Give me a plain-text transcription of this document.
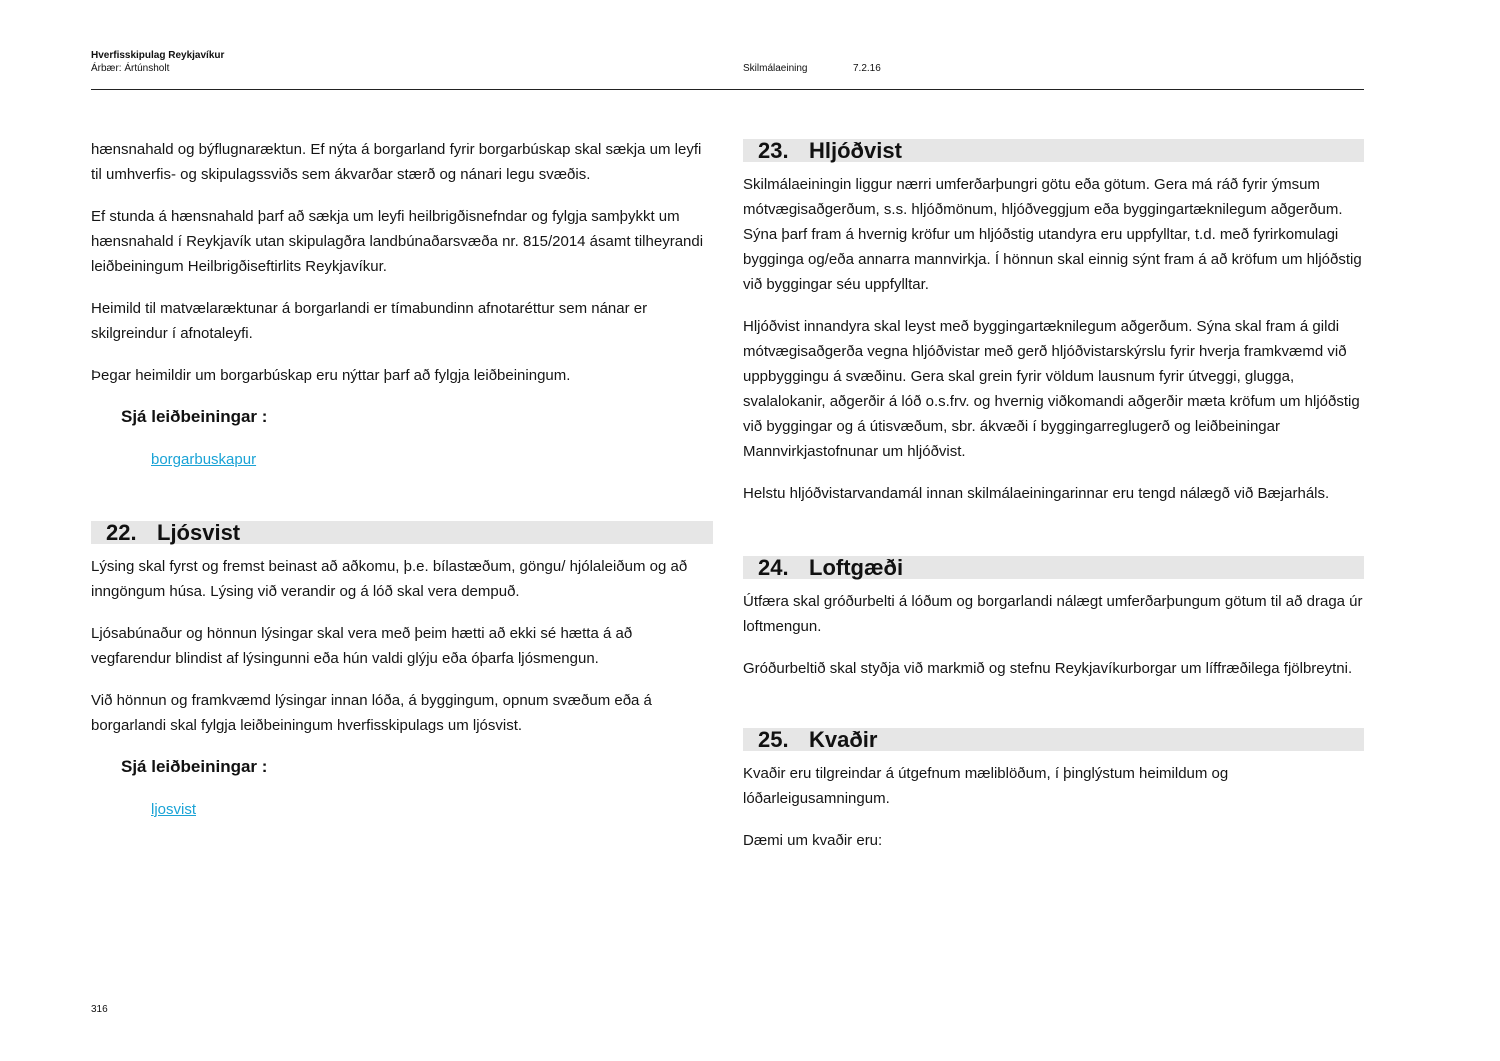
Hverfisskipulag Reykjavíkur
Árbær: Ártúnsholt	Skilmálaeining	7.2.16

hænsnahald og býflugnaræktun. Ef nýta á borgarland fyrir borgarbúskap skal sækja um leyfi til umhverfis- og skipulagssviðs sem ákvarðar stærð og nánari legu svæðis.

Ef stunda á hænsnahald þarf að sækja um leyfi heilbrigðisnefndar og fylgja samþykkt um hænsnahald í Reykjavík utan skipulagðra landbúnaðarsvæða nr. 815/2014 ásamt tilheyrandi leiðbeiningum Heilbrigðiseftirlits Reykjavíkur.

Heimild til matvælaræktunar á borgarlandi er tímabundinn afnotaréttur sem nánar er skilgreindur í afnotaleyfi.

Þegar heimildir um borgarbúskap eru nýttar þarf að fylgja leiðbeiningum.

Sjá leiðbeiningar :
borgarbuskapur
22. Ljósvist

Lýsing skal fyrst og fremst beinast að aðkomu, þ.e. bílastæðum, göngu/ hjólaleiðum og að inngöngum húsa. Lýsing við verandir og á lóð skal vera dempuð.

Ljósabúnaður og hönnun lýsingar skal vera með þeim hætti að ekki sé hætta á að vegfarendur blindist af lýsingunni eða hún valdi glýju eða óþarfa ljósmengun.

Við hönnun og framkvæmd lýsingar innan lóða, á byggingum, opnum svæðum eða á borgarlandi skal fylgja leiðbeiningum hverfisskipulags um ljósvist.

Sjá leiðbeiningar :
ljosvist
23. Hljóðvist

Skilmálaeiningin liggur nærri umferðarþungri götu eða götum. Gera má ráð fyrir ýmsum mótvægisaðgerðum, s.s. hljóðmönum, hljóðveggjum eða byggingartæknilegum aðgerðum. Sýna þarf fram á hvernig kröfur um hljóðstig utandyra eru uppfylltar, t.d. með fyrirkomulagi bygginga og/eða annarra mannvirkja. Í hönnun skal einnig sýnt fram á að kröfum um hljóðstig við byggingar séu uppfylltar.

Hljóðvist innandyra skal leyst með byggingartæknilegum aðgerðum. Sýna skal fram á gildi mótvægisaðgerða vegna hljóðvistar með gerð hljóðvistarskýrslu fyrir hverja framkvæmd við uppbyggingu á svæðinu. Gera skal grein fyrir völdum lausnum fyrir útveggi, glugga, svalalokanir, aðgerðir á lóð o.s.frv. og hvernig viðkomandi aðgerðir mæta kröfum um hljóðstig við byggingar og á útisvæðum, sbr. ákvæði í byggingarreglugerð og leiðbeiningar Mannvirkjastofnunar um hljóðvist.

Helstu hljóðvistarvandamál innan skilmálaeiningarinnar eru tengd nálægð við Bæjarháls.

24. Loftgæði

Útfæra skal gróðurbelti á lóðum og borgarlandi nálægt umferðarþungum götum til að draga úr loftmengun.

Gróðurbeltið skal styðja við markmið og stefnu Reykjavíkurborgar um líffræðilega fjölbreytni.

25. Kvaðir

Kvaðir eru tilgreindar á útgefnum mæliblöðum, í þinglýstum heimildum og lóðarleigusamningum.

Dæmi um kvaðir eru:

316
